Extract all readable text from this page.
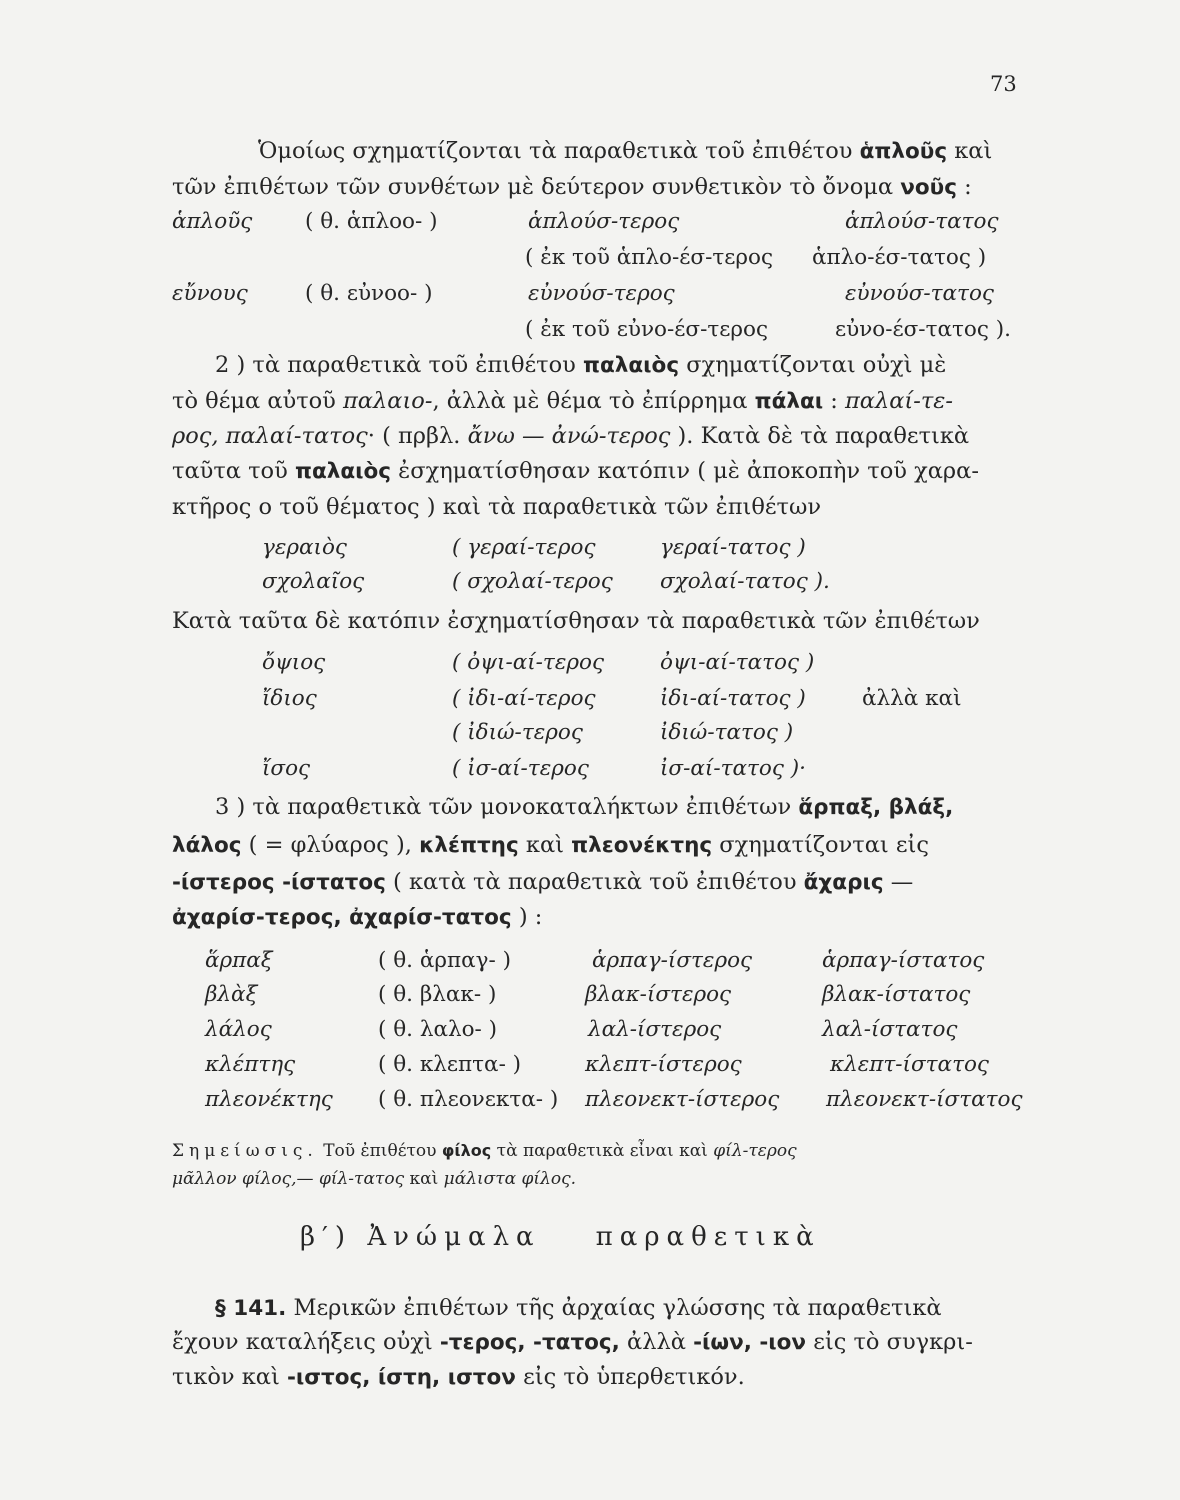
73
Ὁμοίως σχηματίζονται τὰ παραθετικὰ τοῦ ἐπιθέτου ἁπλοῦς καὶ
τῶν ἐπιθέτων τῶν συνθέτων μὲ δεύτερον συνθετικὸν τὸ ὄνομα νοῦς :
ἁπλοῦς ( θ. ἁπλοο- )	ἁπλούσ-τερος	ἁπλούσ-τατος
( ἐκ τοῦ ἁπλο-έσ-τερος ἁπλο-έσ-τατος )
εὔνους	( θ. εὐνοο- )	εὐνούσ-τερος	εὐνούσ-τατος
( ἐκ τοῦ εὐνο-έσ-τερος	εὐνο-έσ-τατος ).
2 ) τὰ παραθετικὰ τοῦ ἐπιθέτου παλαιὸς σχηματίζονται οὐχὶ μὲ
τὸ θέμα αὐτοῦ παλαιο-, ἀλλὰ μὲ θέμα τὸ ἐπίρρημα πάλαι : παλαί-τε-
ρος, παλαί-τατος· ( πρβλ. ἄνω — ἀνώ-τερος ). Κατὰ δὲ τὰ παραθετικὰ
ταῦτα τοῦ παλαιὸς ἐσχηματίσθησαν κατόπιν ( μὲ ἀποκοπὴν τοῦ χαρα-
κτῆρος ο τοῦ θέματος ) καὶ τὰ παραθετικὰ τῶν ἐπιθέτων
γεραιὸς	( γεραί-τερος	γεραί-τατος )
σχολαῖος	( σχολαί-τερος σχολαί-τατος ).
Κατὰ ταῦτα δὲ κατόπιν ἐσχηματίσθησαν τὰ παραθετικὰ τῶν ἐπιθέτων
ὄψιος	( ὀψι-αί-τερος	ὀψι-αί-τατος )
ἴδιος	( ἰδι-αί-τερος	ἰδι-αί-τατος )	ἀλλὰ καὶ
( ἰδιώ-τερος	ἰδιώ-τατος )
ἴσος	( ἰσ-αί-τερος	ἰσ-αί-τατος )·
3 ) τὰ παραθετικὰ τῶν μονοκαταλήκτων ἐπιθέτων ἅρπαξ, βλάξ,
λάλος ( = φλύαρος ), κλέπτης καὶ πλεονέκτης σχηματίζονται εἰς
-ίστερος -ίστατος ( κατὰ τὰ παραθετικὰ τοῦ ἐπιθέτου ἄχαρις —
ἀχαρίσ-τερος, ἀχαρίσ-τατος ) :
ἅρπαξ	( θ. ἁρπαγ- )	ἁρπαγ-ίστερος	ἁρπαγ-ίστατος
βλὰξ	( θ. βλακ- )	βλακ-ίστερος	βλακ-ίστατος
λάλος	( θ. λαλο- )	λαλ-ίστερος	λαλ-ίστατος
κλέπτης	( θ. κλεπτα- )	κλεπτ-ίστερος	κλεπτ-ίστατος
πλεονέκτης ( θ. πλεονεκτα- ) πλεονεκτ-ίστερος πλεονεκτ-ίστατος
Σημείωσις. Τοῦ ἐπιθέτου φίλος τὰ παραθετικὰ εἶναι καὶ φίλ-τερος
μᾶλλον φίλος,— φίλ-τατος καὶ μάλιστα φίλος.
β′) Ἀνώμαλα παραθετικὰ
§ 141. Μερικῶν ἐπιθέτων τῆς ἀρχαίας γλώσσης τὰ παραθετικὰ
ἔχουν καταλήξεις οὐχὶ -τερος, -τατος, ἀλλὰ -ίων, -ιον εἰς τὸ συγκρι-
τικὸν καὶ -ιστος, ίστη, ιστον εἰς τὸ ὑπερθετικόν.
